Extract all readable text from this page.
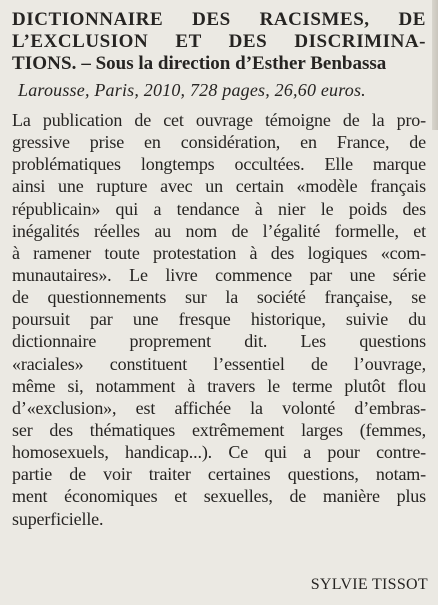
DICTIONNAIRE DES RACISMES, DE
L’EXCLUSION ET DES DISCRIMINA-
TIONS. – Sous la direction d’Esther Benbassa
Larousse, Paris, 2010, 728 pages, 26,60 euros.
La publication de cet ouvrage témoigne de la pro-
gressive prise en considération, en France, de
problématiques longtemps occultées. Elle marque
ainsi une rupture avec un certain «modèle français
républicain» qui a tendance à nier le poids des
inégalités réelles au nom de l’égalité formelle, et
à ramener toute protestation à des logiques «com-
munautaires». Le livre commence par une série
de questionnements sur la société française, se
poursuit par une fresque historique, suivie du
dictionnaire proprement dit. Les questions
«raciales» constituent l’essentiel de l’ouvrage,
même si, notamment à travers le terme plutôt flou
d’«exclusion», est affichée la volonté d’embras-
ser des thématiques extrêmement larges (femmes,
homosexuels, handicap...). Ce qui a pour contre-
partie de voir traiter certaines questions, notam-
ment économiques et sexuelles, de manière plus
superficielle.
SYLVIE TISSOT
